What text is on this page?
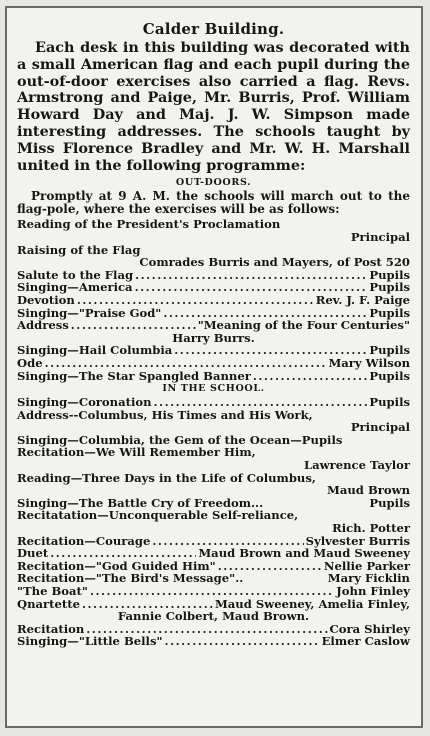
Calder Building.

Each desk in this building was decorated with a small American flag and each pupil during the out-of-door exercises also carried a flag. Revs. Armstrong and Paige, Mr. Burris, Prof. William Howard Day and Maj. J. W. Simpson made interesting addresses. The schools taught by Miss Florence Bradley and Mr. W. H. Marshall united in the following programme:

OUT-DOORS.

Promptly at 9 A. M. the schools will march out to the flag-pole, where the exercises will be as follows:

Reading of the President's Proclamation
Principal
Raising of the Flag
Comrades Burris and Mayers, of Post 520
Salute to the Flag .....	Pupils
Singing—America .....	Pupils
Devotion .....	Rev. J. F. Paige
Singing—"Praise God" .....	Pupils
Address .....	"Meaning of the Four Centuries"
Harry Burrs.
Singing—Hail Columbia .....	Pupils
Ode .....	Mary Wilson
Singing—The Star Spangled Banner .....	Pupils
IN THE SCHOOL.
Singing—Coronation .....	Pupils
Address--Columbus, His Times and His Work,
Principal
Singing—Columbia, the Gem of the Ocean—Pupils
Recitation—We Will Remember Him,
Lawrence Taylor
Reading—Three Days in the Life of Columbus,
Maud Brown
Singing—The Battle Cry of Freedom...	Pupils
Recitatation—Unconquerable Self-reliance,
Rich. Potter
Recitation—Courage .....	Sylvester Burris
Duet .....	Maud Brown and Maud Sweeney
Recitation—"God Guided Him" .....	Nellie Parker
Recitation—"The Bird's Message"..	Mary Ficklin
"The Boat" .....	John Finley
Qnartette .....	Maud Sweeney, Amelia Finley,
Fannie Colbert, Maud Brown.
Recitation .....	Cora Shirley
Singing—"Little Bells" .....	Elmer Caslow
